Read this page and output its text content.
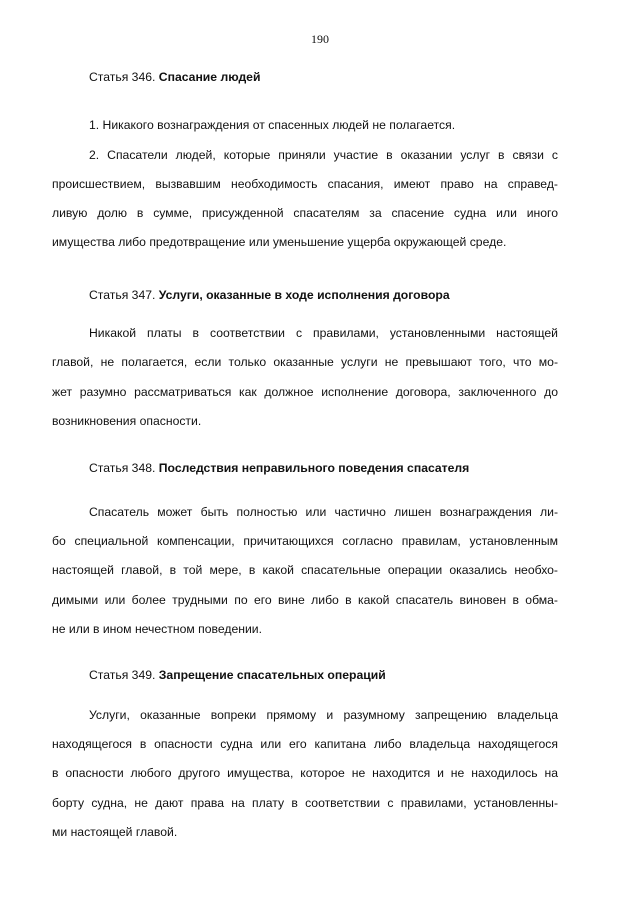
190
Статья 346. Спасание людей
1. Никакого вознаграждения от спасенных людей не полагается.
2. Спасатели людей, которые приняли участие в оказании услуг в связи с
происшествием, вызвавшим необходимость спасания, имеют право на справед-
ливую долю в сумме, присужденной спасателям за спасение судна или иного
имущества либо предотвращение или уменьшение ущерба окружающей среде.
Статья 347. Услуги, оказанные в ходе исполнения договора
Никакой платы в соответствии с правилами, установленными настоящей
главой, не полагается, если только оказанные услуги не превышают того, что мо-
жет разумно рассматриваться как должное исполнение договора, заключенного до
возникновения опасности.
Статья 348. Последствия неправильного поведения спасателя
Спасатель может быть полностью или частично лишен вознаграждения ли-
бо специальной компенсации, причитающихся согласно правилам, установленным
настоящей главой, в той мере, в какой спасательные операции оказались необхо-
димыми или более трудными по его вине либо в какой спасатель виновен в обма-
не или в ином нечестном поведении.
Статья 349. Запрещение спасательных операций
Услуги, оказанные вопреки прямому и разумному запрещению владельца
находящегося в опасности судна или его капитана либо владельца находящегося
в опасности любого другого имущества, которое не находится и не находилось на
борту судна, не дают права на плату в соответствии с правилами, установленны-
ми настоящей главой.
